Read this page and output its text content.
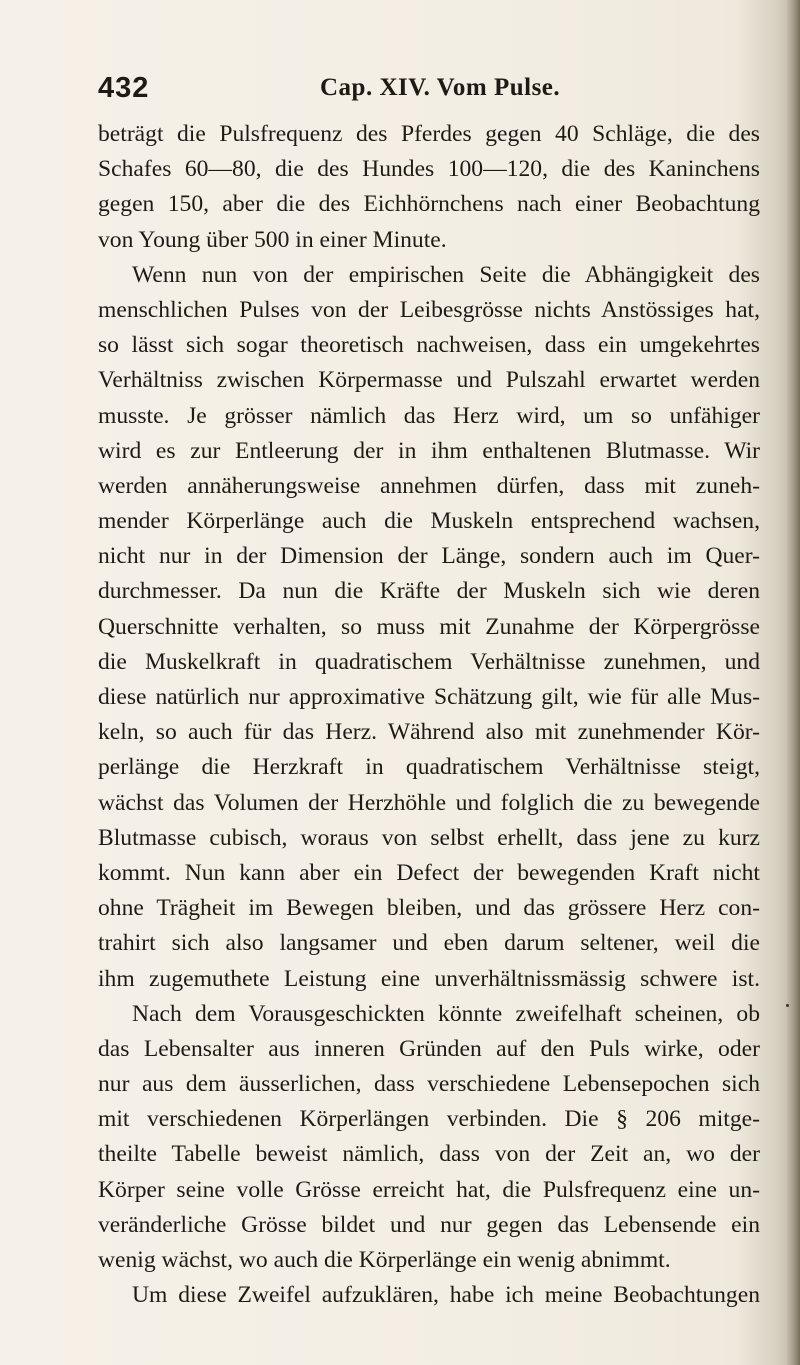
432	Cap. XIV. Vom Pulse.
beträgt die Pulsfrequenz des Pferdes gegen 40 Schläge, die des
Schafes 60—80, die des Hundes 100—120, die des Kaninchens
gegen 150, aber die des Eichhörnchens nach einer Beobachtung
von Young über 500 in einer Minute.
Wenn nun von der empirischen Seite die Abhängigkeit des
menschlichen Pulses von der Leibesgrösse nichts Anstössiges hat,
so lässt sich sogar theoretisch nachweisen, dass ein umgekehrtes
Verhältniss zwischen Körpermasse und Pulszahl erwartet werden
musste. Je grösser nämlich das Herz wird, um so unfähiger
wird es zur Entleerung der in ihm enthaltenen Blutmasse. Wir
werden annäherungsweise annehmen dürfen, dass mit zuneh-
mender Körperlänge auch die Muskeln entsprechend wachsen,
nicht nur in der Dimension der Länge, sondern auch im Quer-
durchmesser. Da nun die Kräfte der Muskeln sich wie deren
Querschnitte verhalten, so muss mit Zunahme der Körpergrösse
die Muskelkraft in quadratischem Verhältnisse zunehmen, und
diese natürlich nur approximative Schätzung gilt, wie für alle Mus-
keln, so auch für das Herz. Während also mit zunehmender Kör-
perlänge die Herzkraft in quadratischem Verhältnisse steigt,
wächst das Volumen der Herzhöhle und folglich die zu bewegende
Blutmasse cubisch, woraus von selbst erhellt, dass jene zu kurz
kommt. Nun kann aber ein Defect der bewegenden Kraft nicht
ohne Trägheit im Bewegen bleiben, und das grössere Herz con-
trahirt sich also langsamer und eben darum seltener, weil die
ihm zugemuthete Leistung eine unverhältnissmässig schwere ist.
Nach dem Vorausgeschickten könnte zweifelhaft scheinen, ob
das Lebensalter aus inneren Gründen auf den Puls wirke, oder
nur aus dem äusserlichen, dass verschiedene Lebensepochen sich
mit verschiedenen Körperlängen verbinden. Die § 206 mitge-
theilte Tabelle beweist nämlich, dass von der Zeit an, wo der
Körper seine volle Grösse erreicht hat, die Pulsfrequenz eine un-
veränderliche Grösse bildet und nur gegen das Lebensende ein
wenig wächst, wo auch die Körperlänge ein wenig abnimmt.
Um diese Zweifel aufzuklären, habe ich meine Beobachtungen
